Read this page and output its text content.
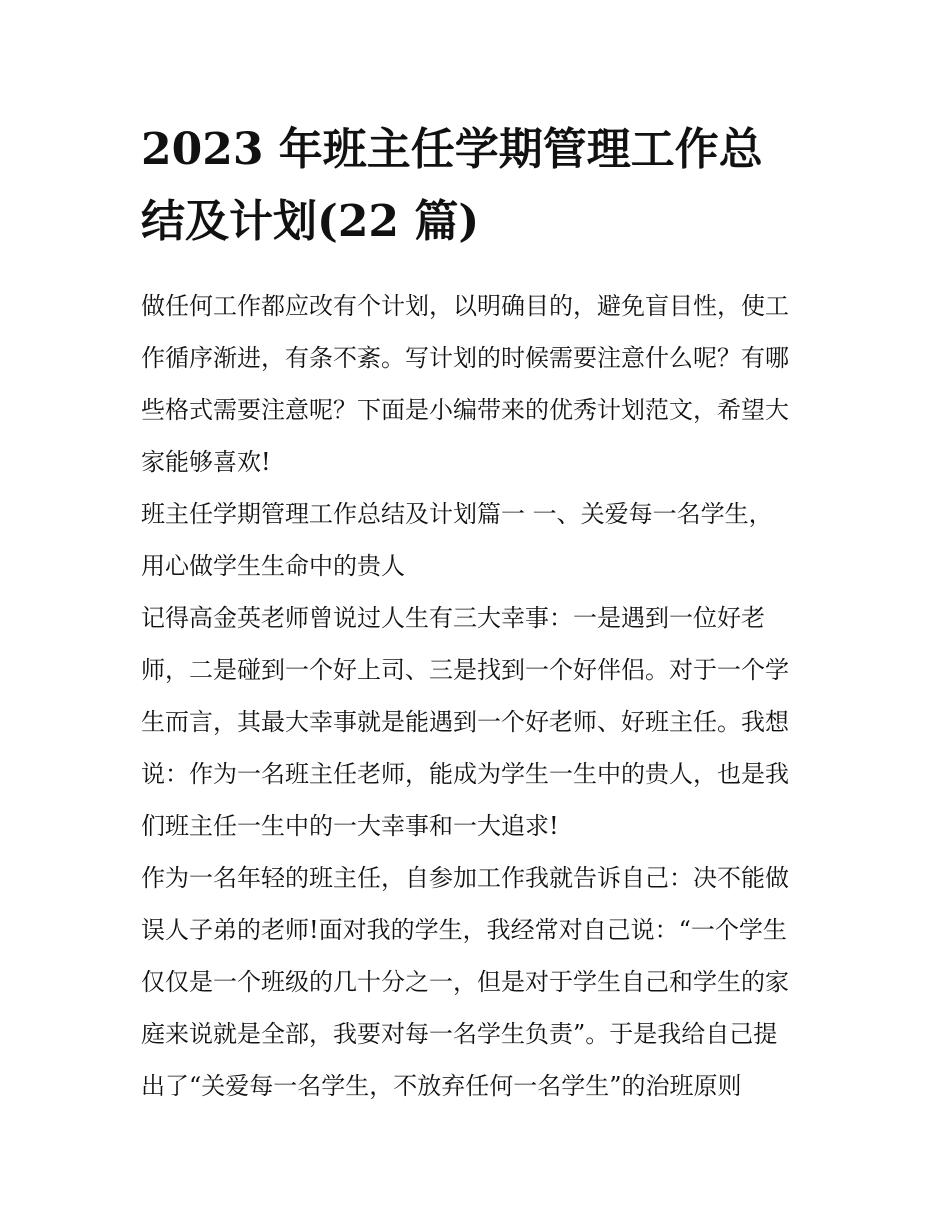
2023 年班主任学期管理工作总
结及计划(22 篇)

做任何工作都应改有个计划，以明确目的，避免盲目性，使工
作循序渐进，有条不紊。写计划的时候需要注意什么呢？有哪
些格式需要注意呢？下面是小编带来的优秀计划范文，希望大
家能够喜欢!

班主任学期管理工作总结及计划篇一 一、关爱每一名学生，
用心做学生生命中的贵人

记得高金英老师曾说过人生有三大幸事：一是遇到一位好老
师，二是碰到一个好上司、三是找到一个好伴侣。对于一个学
生而言，其最大幸事就是能遇到一个好老师、好班主任。我想
说：作为一名班主任老师，能成为学生一生中的贵人，也是我
们班主任一生中的一大幸事和一大追求!

作为一名年轻的班主任，自参加工作我就告诉自己：决不能做
误人子弟的老师!面对我的学生，我经常对自己说：“一个学生
仅仅是一个班级的几十分之一，但是对于学生自己和学生的家
庭来说就是全部，我要对每一名学生负责”。于是我给自己提
出了“关爱每一名学生，不放弃任何一名学生”的治班原则
